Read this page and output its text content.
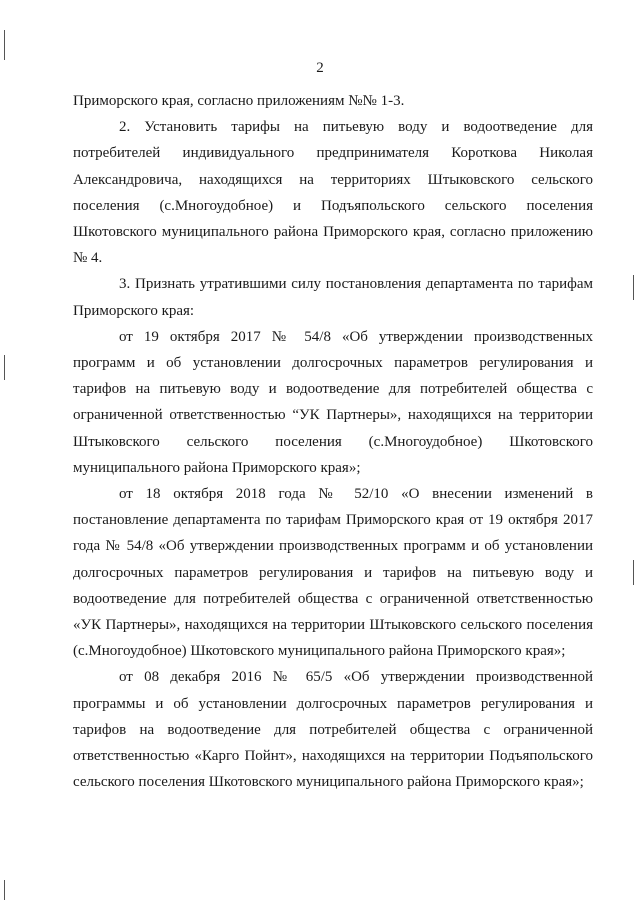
2

Приморского края, согласно приложениям №№ 1-3.

2. Установить тарифы на питьевую воду и водоотведение для потребителей индивидуального предпринимателя Короткова Николая Александровича, находящихся на территориях Штыковского сельского поселения (с.Многоудобное) и Подъяпольского сельского поселения Шкотовского муниципального района Приморского края, согласно приложению № 4.

3. Признать утратившими силу постановления департамента по тарифам Приморского края:

от 19 октября 2017 № 54/8 «Об утверждении производственных программ и об установлении долгосрочных параметров регулирования и тарифов на питьевую воду и водоотведение для потребителей общества с ограниченной ответственностью “УК Партнеры», находящихся на территории Штыковского сельского поселения (с.Многоудобное) Шкотовского муниципального района Приморского края»;

от 18 октября 2018 года № 52/10 «О внесении изменений в постановление департамента по тарифам Приморского края от 19 октября 2017 года № 54/8 «Об утверждении производственных программ и об установлении долгосрочных параметров регулирования и тарифов на питьевую воду и водоотведение для потребителей общества с ограниченной ответственностью «УК Партнеры», находящихся на территории Штыковского сельского поселения (с.Многоудобное) Шкотовского муниципального района Приморского края»;

от 08 декабря 2016 № 65/5 «Об утверждении производственной программы и об установлении долгосрочных параметров регулирования и тарифов на водоотведение для потребителей общества с ограниченной ответственностью «Карго Пойнт», находящихся на территории Подъяпольского сельского поселения Шкотовского муниципального района Приморского края»;
